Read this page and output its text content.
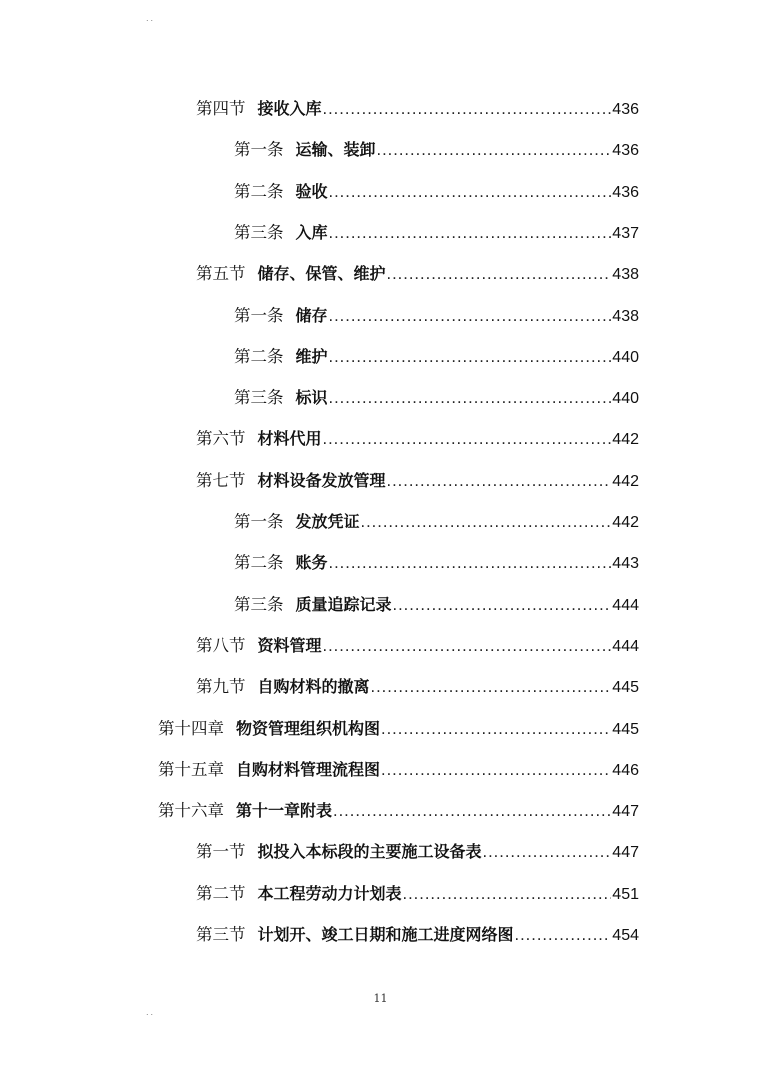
..
第四节 接收入库 .....	436
第一条 运输、装卸 .....	436
第二条 验收 .....	436
第三条 入库 .....	437
第五节 储存、保管、维护 .....	438
第一条 储存 .....	438
第二条 维护 .....	440
第三条 标识 .....	440
第六节 材料代用 .....	442
第七节 材料设备发放管理 .....	442
第一条 发放凭证 .....	442
第二条 账务 .....	443
第三条 质量追踪记录 .....	444
第八节 资料管理 .....	444
第九节 自购材料的撤离 .....	445
第十四章 物资管理组织机构图 .....	445
第十五章 自购材料管理流程图 .....	446
第十六章 第十一章附表 .....	447
第一节 拟投入本标段的主要施工设备表 .....	447
第二节 本工程劳动力计划表 .....	451
第三节 计划开、竣工日期和施工进度网络图 .....	454
11
..
